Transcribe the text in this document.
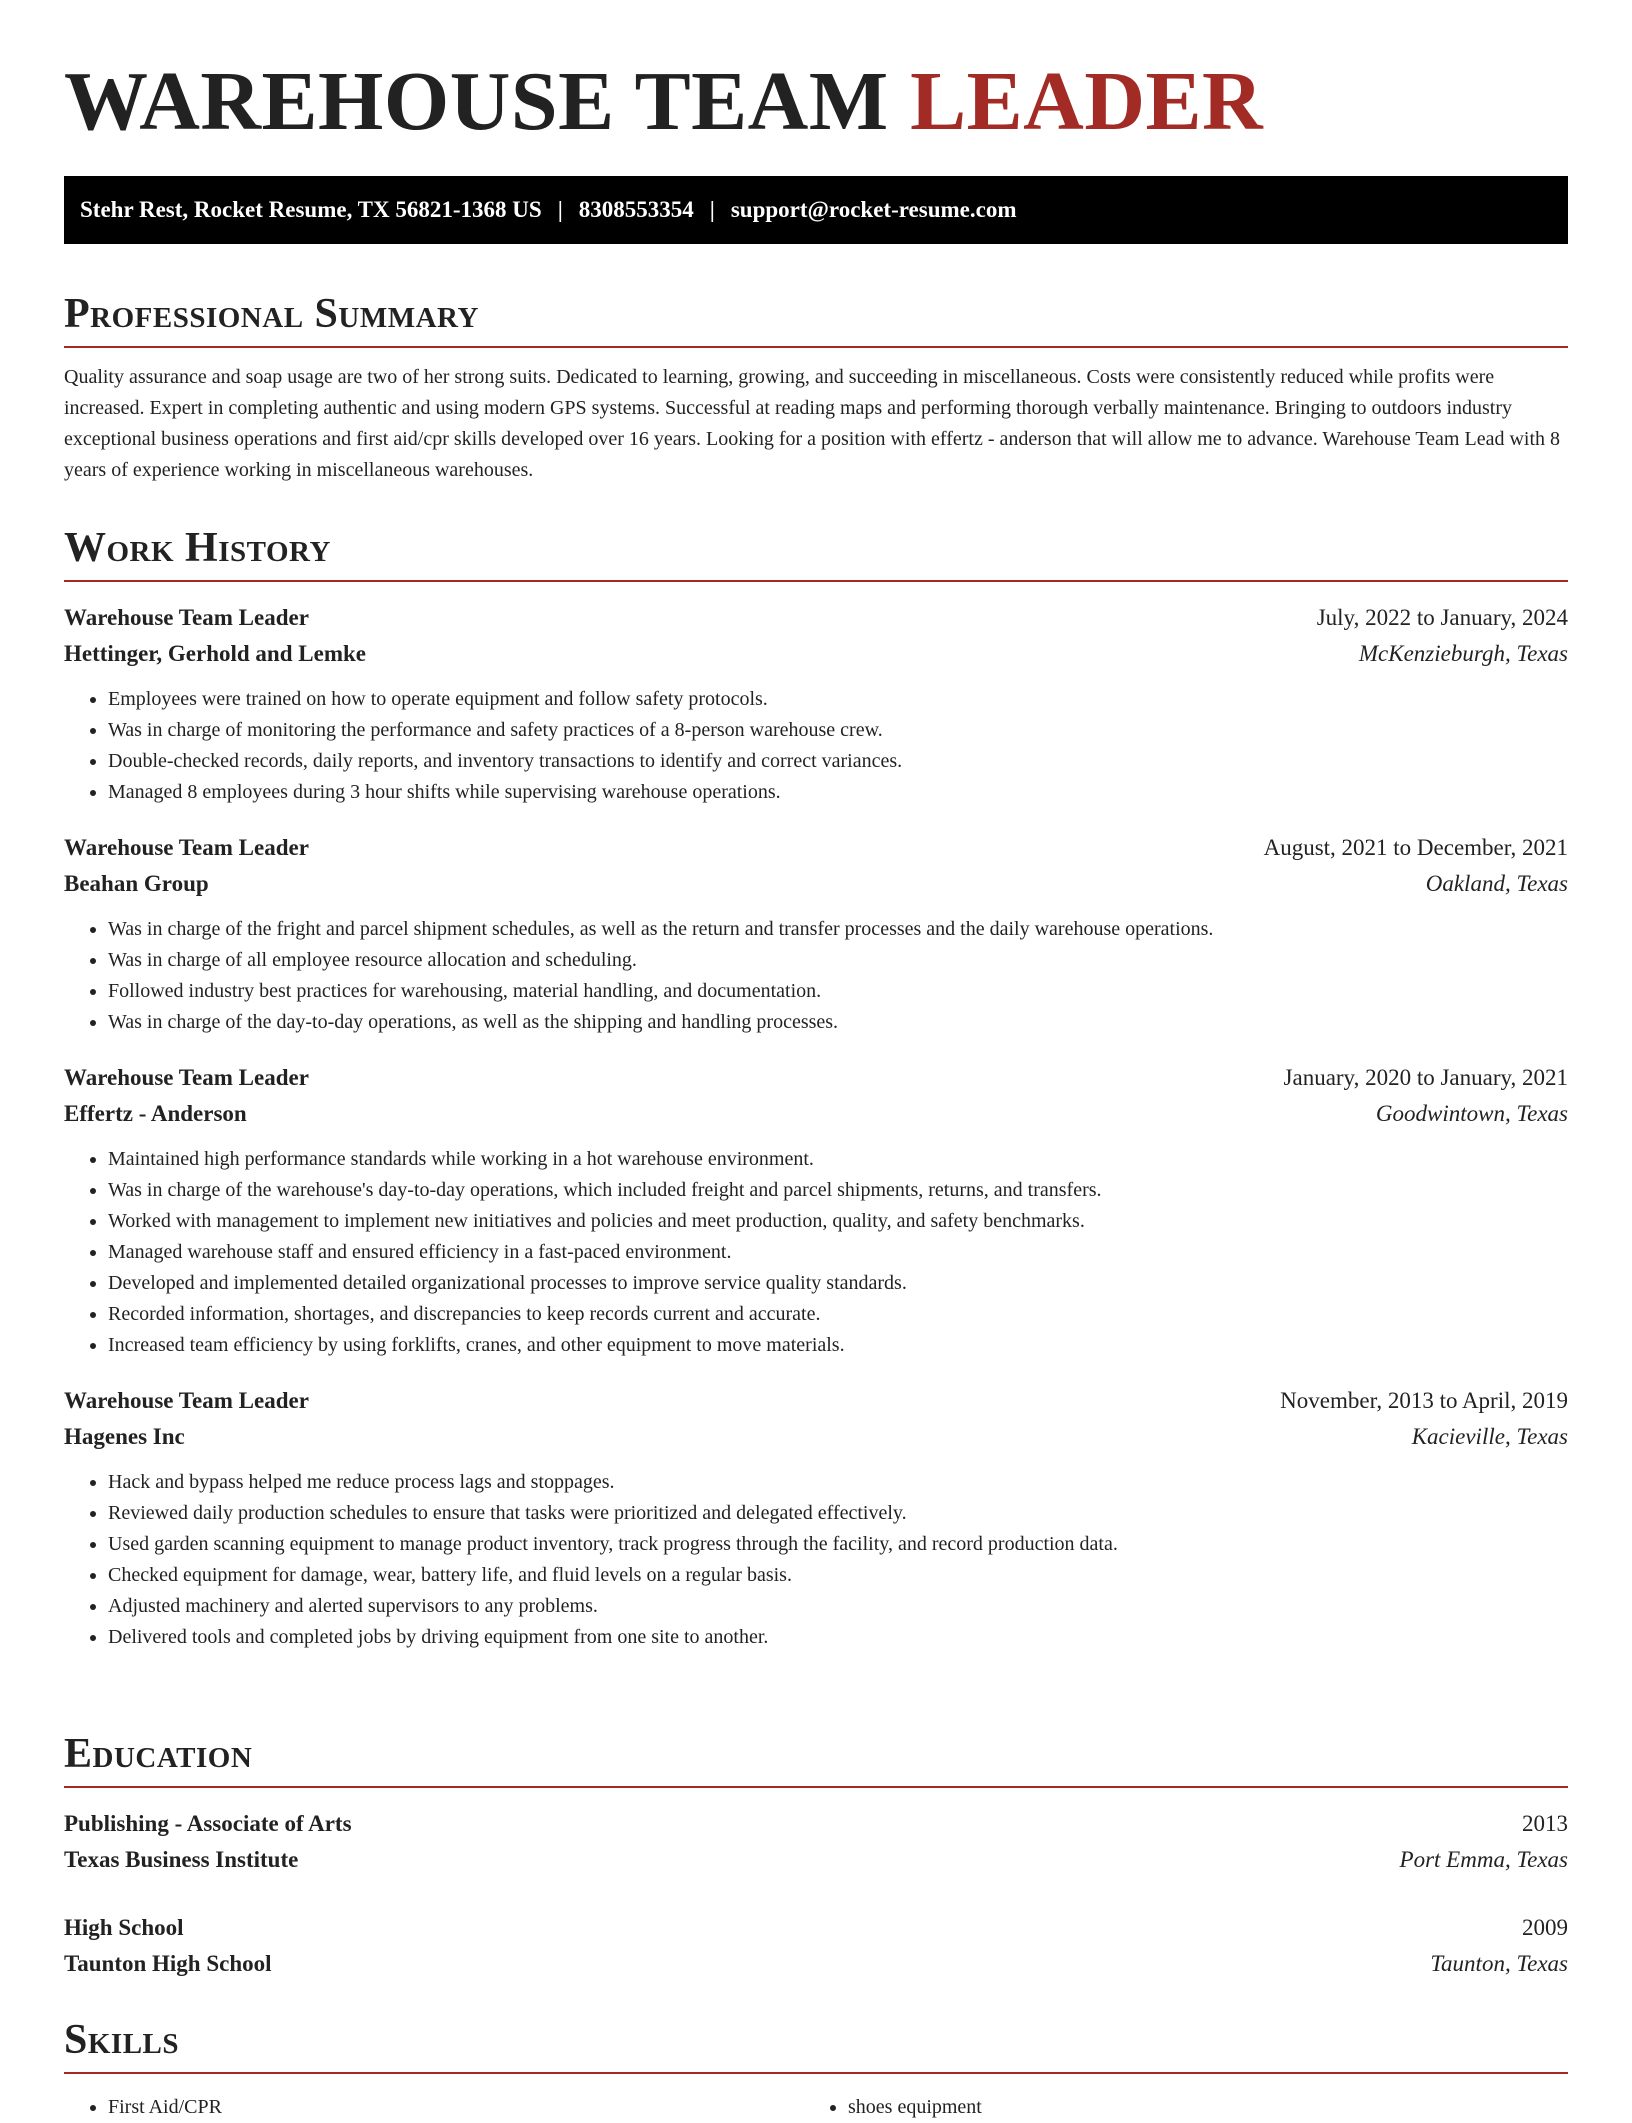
WAREHOUSE TEAM LEADER
Stehr Rest, Rocket Resume, TX 56821-1368 US | 8308553354 | support@rocket-resume.com
Professional Summary

Quality assurance and soap usage are two of her strong suits. Dedicated to learning, growing, and succeeding in miscellaneous. Costs were consistently reduced while profits were increased. Expert in completing authentic and using modern GPS systems. Successful at reading maps and performing thorough verbally maintenance. Bringing to outdoors industry exceptional business operations and first aid/cpr skills developed over 16 years. Looking for a position with effertz - anderson that will allow me to advance. Warehouse Team Lead with 8 years of experience working in miscellaneous warehouses.

Work History
Warehouse Team Leader	July, 2022 to January, 2024
Hettinger, Gerhold and Lemke	McKenzieburgh, Texas
• Employees were trained on how to operate equipment and follow safety protocols.
• Was in charge of monitoring the performance and safety practices of a 8-person warehouse crew.
• Double-checked records, daily reports, and inventory transactions to identify and correct variances.
• Managed 8 employees during 3 hour shifts while supervising warehouse operations.
Warehouse Team Leader	August, 2021 to December, 2021
Beahan Group	Oakland, Texas
• Was in charge of the fright and parcel shipment schedules, as well as the return and transfer processes and the daily warehouse operations.
• Was in charge of all employee resource allocation and scheduling.
• Followed industry best practices for warehousing, material handling, and documentation.
• Was in charge of the day-to-day operations, as well as the shipping and handling processes.
Warehouse Team Leader	January, 2020 to January, 2021
Effertz - Anderson	Goodwintown, Texas
• Maintained high performance standards while working in a hot warehouse environment.
• Was in charge of the warehouse's day-to-day operations, which included freight and parcel shipments, returns, and transfers.
• Worked with management to implement new initiatives and policies and meet production, quality, and safety benchmarks.
• Managed warehouse staff and ensured efficiency in a fast-paced environment.
• Developed and implemented detailed organizational processes to improve service quality standards.
• Recorded information, shortages, and discrepancies to keep records current and accurate.
• Increased team efficiency by using forklifts, cranes, and other equipment to move materials.
Warehouse Team Leader	November, 2013 to April, 2019
Hagenes Inc	Kacieville, Texas
• Hack and bypass helped me reduce process lags and stoppages.
• Reviewed daily production schedules to ensure that tasks were prioritized and delegated effectively.
• Used garden scanning equipment to manage product inventory, track progress through the facility, and record production data.
• Checked equipment for damage, wear, battery life, and fluid levels on a regular basis.
• Adjusted machinery and alerted supervisors to any problems.
• Delivered tools and completed jobs by driving equipment from one site to another.
Education
Publishing - Associate of Arts	2013
Texas Business Institute	Port Emma, Texas
High School	2009
Taunton High School	Taunton, Texas
Skills
• First Aid/CPR
•	shoes equipment
